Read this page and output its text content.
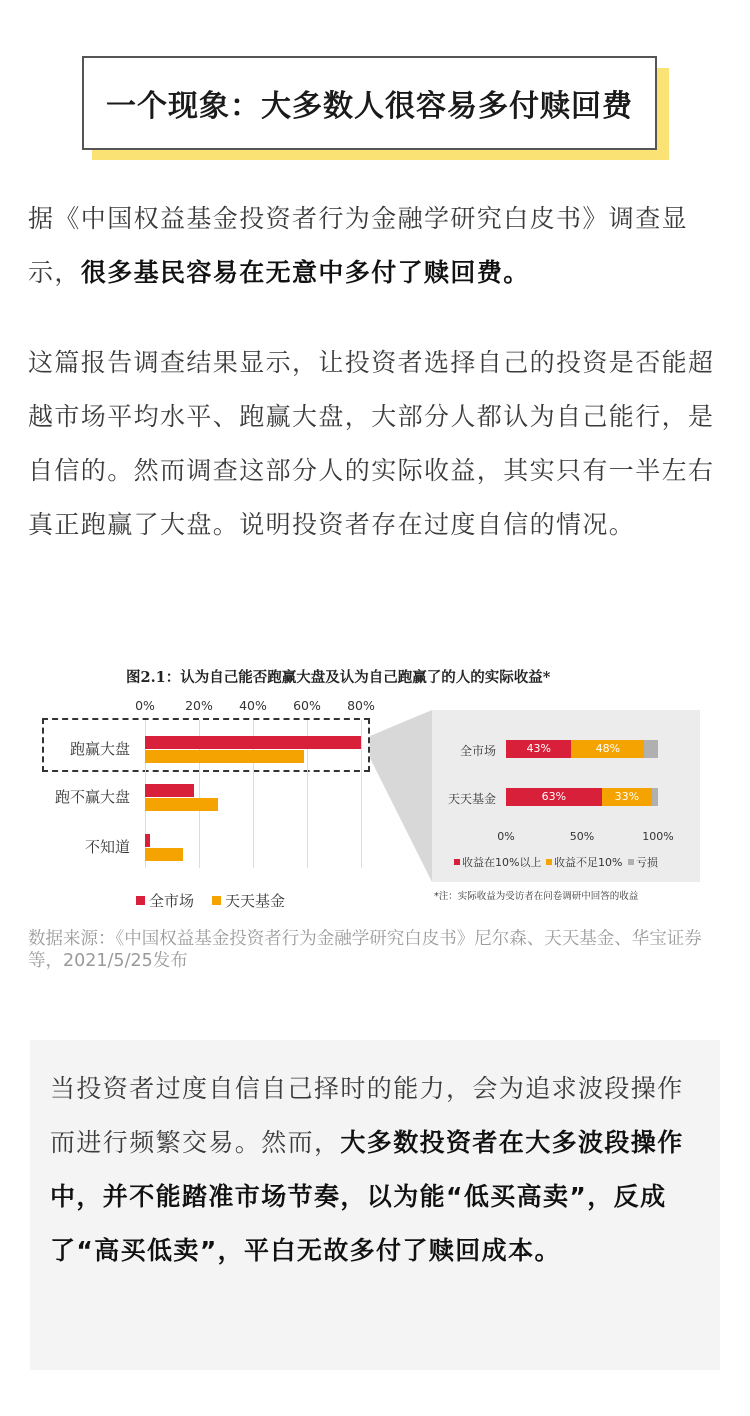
一个现象：大多数人很容易多付赎回费

据《中国权益基金投资者行为金融学研究白皮书》调查显示，很多基民容易在无意中多付了赎回费。

这篇报告调查结果显示，让投资者选择自己的投资是否能超越市场平均水平、跑赢大盘，大部分人都认为自己能行，是自信的。然而调查这部分人的实际收益，其实只有一半左右真正跑赢了大盘。说明投资者存在过度自信的情况。

图2.1：认为自己能否跑赢大盘及认为自己跑赢了的人的实际收益*
全市场	43%	48%
天天基金	63%	33%
0%	50%	100%
收益在10%以上 收益不足10% 亏损
*注：实际收益为受访者在问卷调研中回答的收益
0% 20% 40% 60% 80%
跑赢大盘
跑不赢大盘
不知道
全市场 天天基金

数据来源：《中国权益基金投资者行为金融学研究白皮书》尼尔森、天天基金、华宝证券等，2021/5/25发布

当投资者过度自信自己择时的能力，会为追求波段操作而进行频繁交易。然而，大多数投资者在大多波段操作中，并不能踏准市场节奏，以为能“低买高卖”，反成了“高买低卖”，平白无故多付了赎回成本。
